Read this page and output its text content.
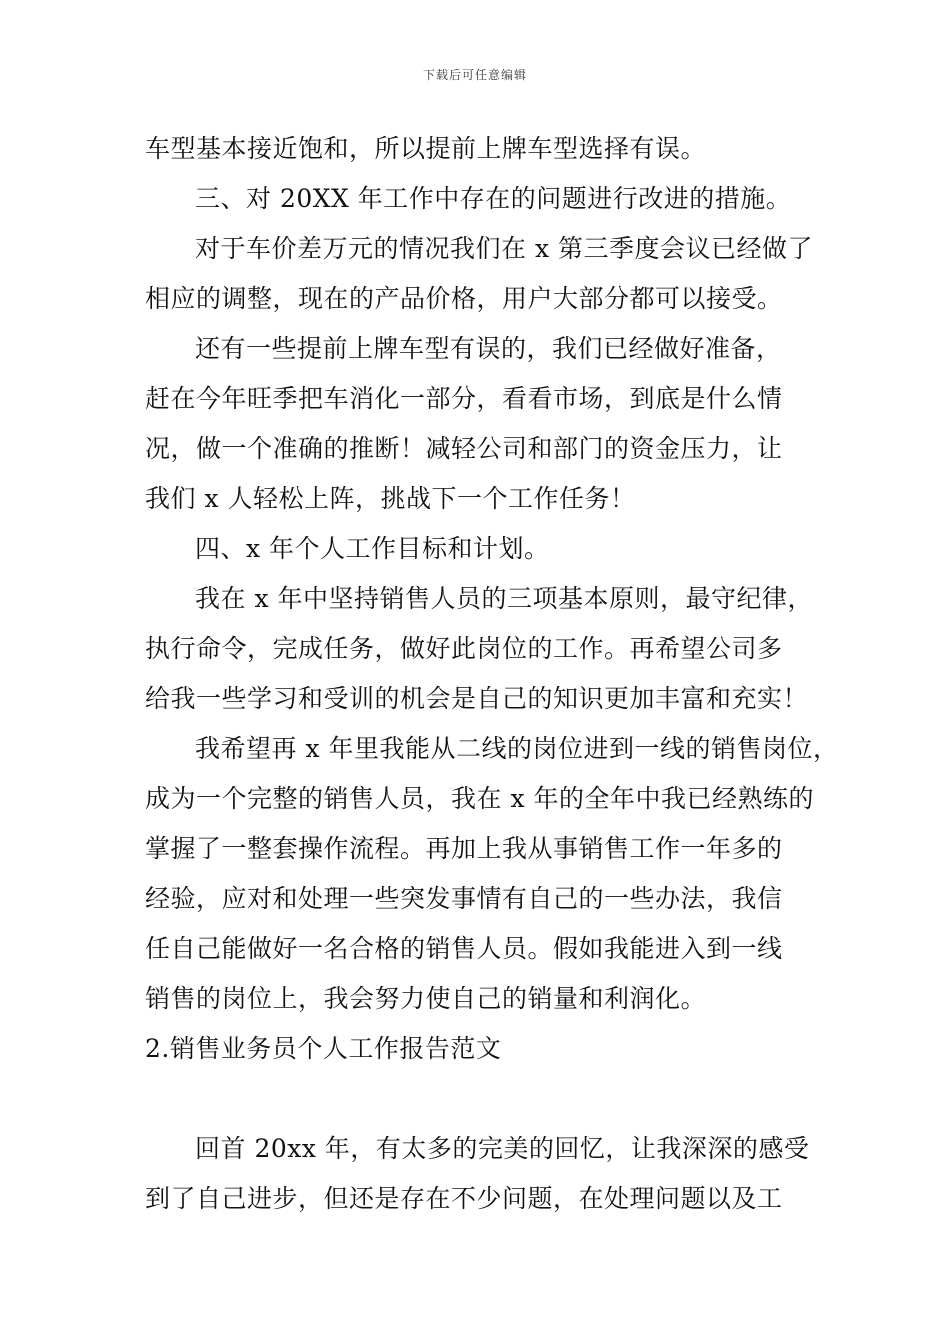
下载后可任意编辑
车型基本接近饱和，所以提前上牌车型选择有误。
三、对 20XX 年工作中存在的问题进行改进的措施。
对于车价差万元的情况我们在 x 第三季度会议已经做了
相应的调整，现在的产品价格，用户大部分都可以接受。
还有一些提前上牌车型有误的，我们已经做好准备，
赶在今年旺季把车消化一部分，看看市场，到底是什么情
况，做一个准确的推断！减轻公司和部门的资金压力，让
我们 x 人轻松上阵，挑战下一个工作任务！
四、x 年个人工作目标和计划。
我在 x 年中坚持销售人员的三项基本原则，最守纪律，
执行命令，完成任务，做好此岗位的工作。再希望公司多
给我一些学习和受训的机会是自己的知识更加丰富和充实！
我希望再 x 年里我能从二线的岗位进到一线的销售岗位，
成为一个完整的销售人员，我在 x 年的全年中我已经熟练的
掌握了一整套操作流程。再加上我从事销售工作一年多的
经验，应对和处理一些突发事情有自己的一些办法，我信
任自己能做好一名合格的销售人员。假如我能进入到一线
销售的岗位上，我会努力使自己的销量和利润化。
2.销售业务员个人工作报告范文
回首 20xx 年，有太多的完美的回忆，让我深深的感受
到了自己进步，但还是存在不少问题，在处理问题以及工
